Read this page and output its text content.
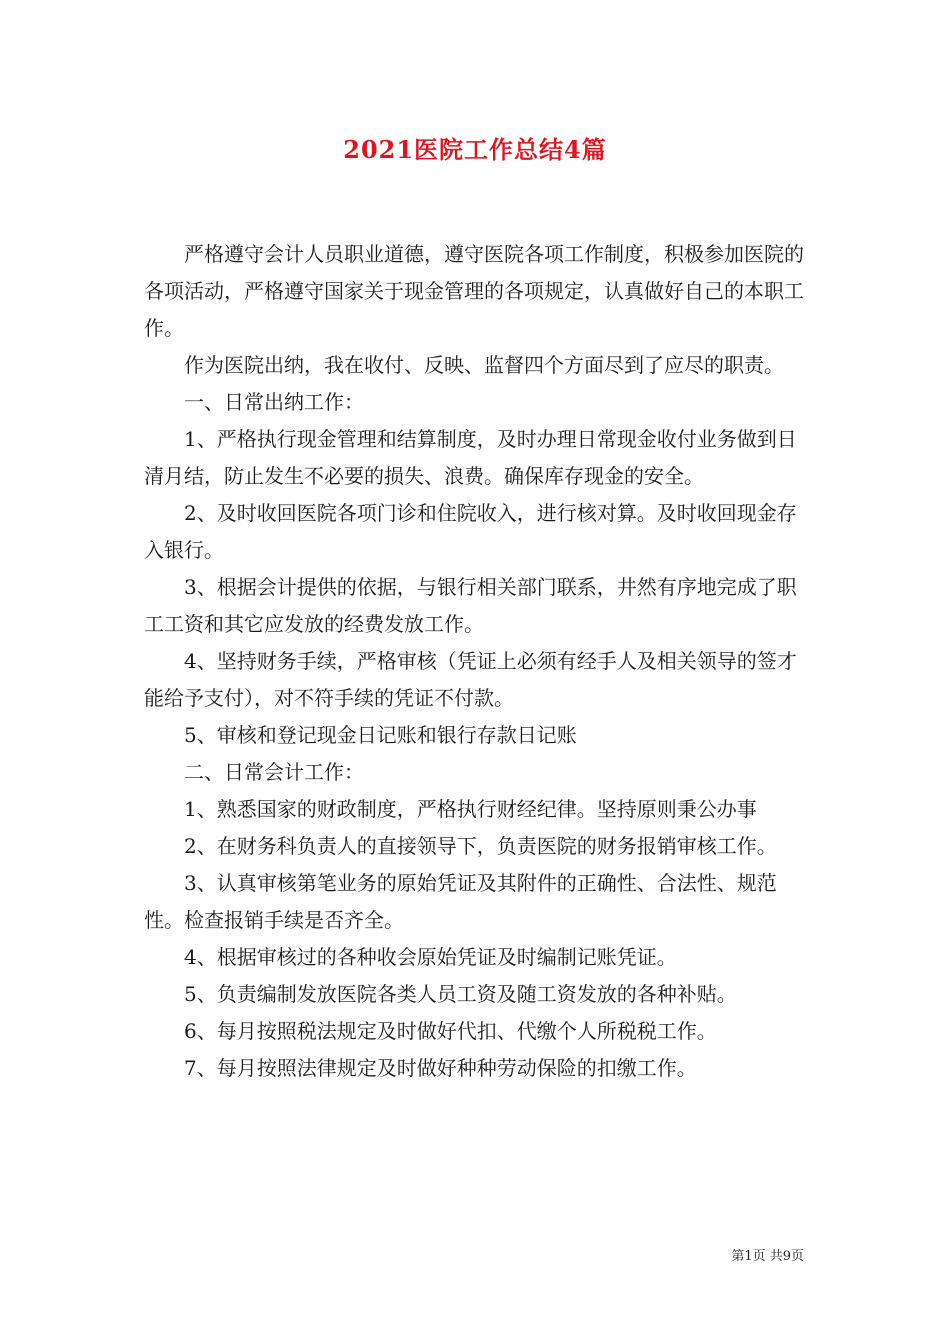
2021医院工作总结4篇

严格遵守会计人员职业道德，遵守医院各项工作制度，积极参加医院的各项活动，严格遵守国家关于现金管理的各项规定，认真做好自己的本职工作。

作为医院出纳，我在收付、反映、监督四个方面尽到了应尽的职责。

一、日常出纳工作：

1、严格执行现金管理和结算制度，及时办理日常现金收付业务做到日清月结，防止发生不必要的损失、浪费。确保库存现金的安全。

2、及时收回医院各项门诊和住院收入，进行核对算。及时收回现金存入银行。

3、根据会计提供的依据，与银行相关部门联系，井然有序地完成了职工工资和其它应发放的经费发放工作。

4、坚持财务手续，严格审核（凭证上必须有经手人及相关领导的签才能给予支付），对不符手续的凭证不付款。

5、审核和登记现金日记账和银行存款日记账

二、日常会计工作：

1、熟悉国家的财政制度，严格执行财经纪律。坚持原则秉公办事

2、在财务科负责人的直接领导下，负责医院的财务报销审核工作。

3、认真审核第笔业务的原始凭证及其附件的正确性、合法性、规范性。检查报销手续是否齐全。

4、根据审核过的各种收会原始凭证及时编制记账凭证。

5、负责编制发放医院各类人员工资及随工资发放的各种补贴。

6、每月按照税法规定及时做好代扣、代缴个人所税税工作。

7、每月按照法律规定及时做好种种劳动保险的扣缴工作。

第1页 共9页
